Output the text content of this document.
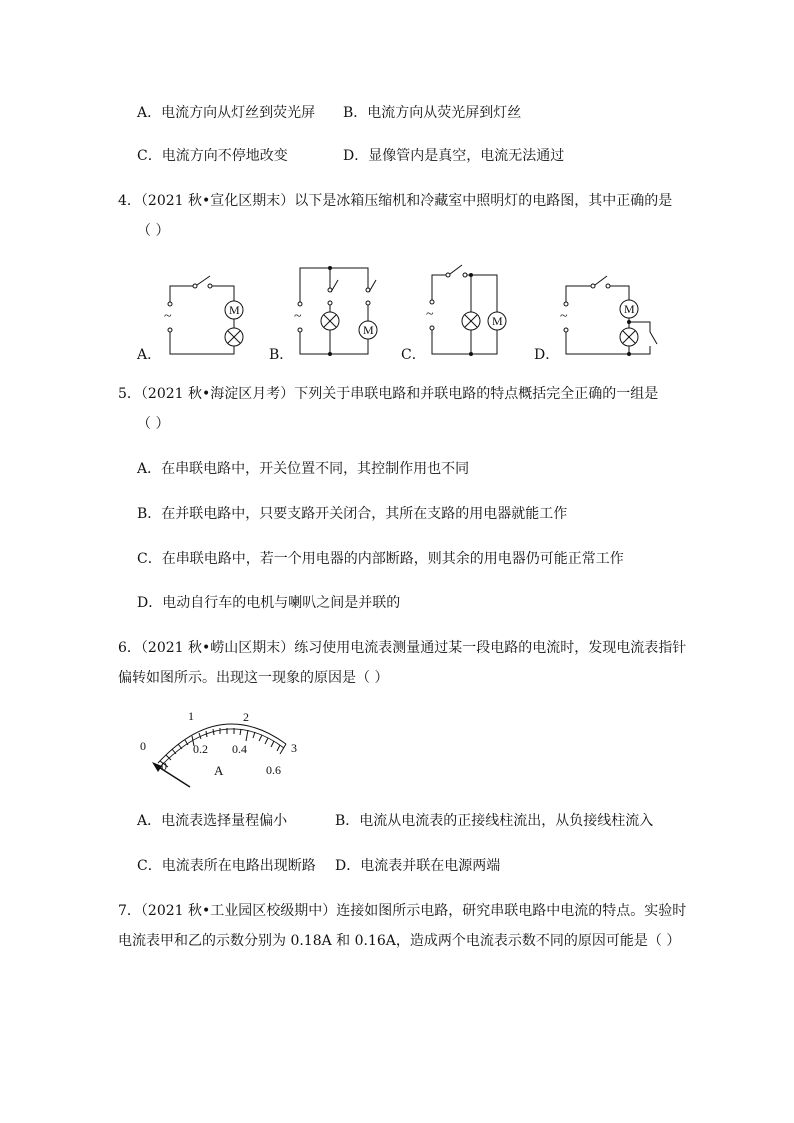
A．电流方向从灯丝到荧光屏 B．电流方向从荧光屏到灯丝
C．电流方向不停地改变	D．显像管内是真空，电流无法通过
4．（2021 秋•宣化区期末）以下是冰箱压缩机和冷藏室中照明灯的电路图，其中正确的是
（ ）
M
M
M
M
~	~	~	~
A．	B．	C．	D．
5．（2021 秋•海淀区月考）下列关于串联电路和并联电路的特点概括完全正确的一组是
（ ）
A．在串联电路中，开关位置不同，其控制作用也不同
B．在并联电路中，只要支路开关闭合，其所在支路的用电器就能工作
C．在串联电路中，若一个用电器的内部断路，则其余的用电器仍可能正常工作
D．电动自行车的电机与喇叭之间是并联的
6．（2021 秋•崂山区期末）练习使用电流表测量通过某一段电路的电流时，发现电流表指针
偏转如图所示。出现这一现象的原因是（ ）
0
1	2
3
0
0.2 0.4
0.6
A
A．电流表选择量程偏小	B．电流从电流表的正接线柱流出，从负接线柱流入
C．电流表所在电路出现断路 D．电流表并联在电源两端
7．（2021 秋•工业园区校级期中）连接如图所示电路，研究串联电路中电流的特点。实验时
电流表甲和乙的示数分别为 0.18A 和 0.16A，造成两个电流表示数不同的原因可能是（ ）
